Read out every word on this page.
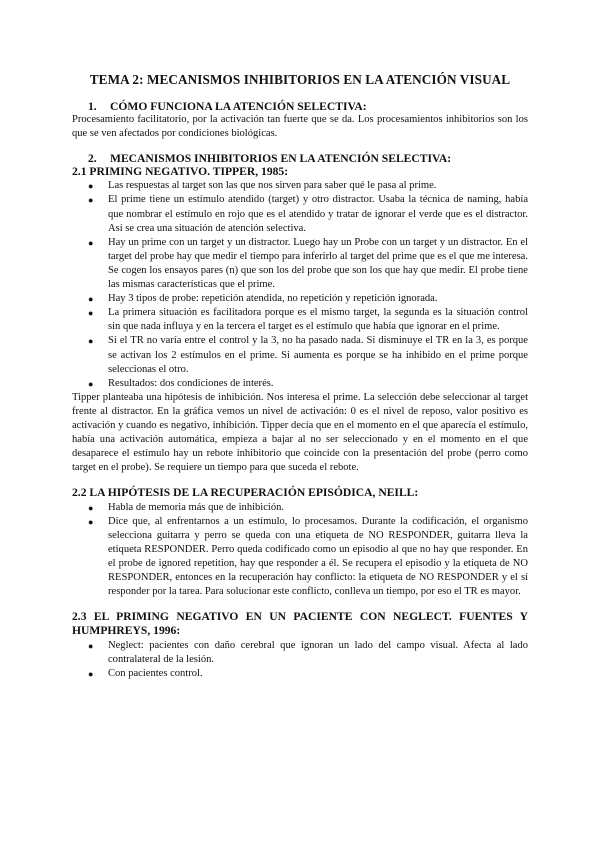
TEMA 2: MECANISMOS INHIBITORIOS EN LA ATENCIÓN VISUAL
1. CÓMO FUNCIONA LA ATENCIÓN SELECTIVA:

Procesamiento facilitatorio, por la activación tan fuerte que se da. Los procesamientos inhibitorios son los que se ven afectados por condiciones biológicas.

2. MECANISMOS INHIBITORIOS EN LA ATENCIÓN SELECTIVA:
2.1 PRIMING NEGATIVO. TIPPER, 1985:
● Las respuestas al target son las que nos sirven para saber qué le pasa al prime.
● El prime tiene un estímulo atendido (target) y otro distractor. Usaba la técnica de naming, había que nombrar el estímulo en rojo que es el atendido y tratar de ignorar el verde que es el distractor. Así se crea una situación de atención selectiva.
● Hay un prime con un target y un distractor. Luego hay un Probe con un target y un distractor. En el target del probe hay que medir el tiempo para inferirlo al target del prime que es el que me interesa. Se cogen los ensayos pares (n) que son los del probe que son los que hay que medir. El probe tiene las mismas características que el prime.
● Hay 3 tipos de probe: repetición atendida, no repetición y repetición ignorada.
● La primera situación es facilitadora porque es el mismo target, la segunda es la situación control sin que nada influya y en la tercera el target es el estímulo que había que ignorar en el prime.
● Si el TR no varía entre el control y la 3, no ha pasado nada. Si disminuye el TR en la 3, es porque se activan los 2 estímulos en el prime. Si aumenta es porque se ha inhibido en el prime porque seleccionas el otro.
● Resultados: dos condiciones de interés.

Tipper planteaba una hipótesis de inhibición. Nos interesa el prime. La selección debe seleccionar al target frente al distractor. En la gráfica vemos un nivel de activación: 0 es el nivel de reposo, valor positivo es activación y cuando es negativo, inhibición. Tipper decía que en el momento en el que aparecía el estímulo, había una activación automática, empieza a bajar al no ser seleccionado y en el momento en el que desaparece el estímulo hay un rebote inhibitorio que coincide con la presentación del probe (perro como target en el probe). Se requiere un tiempo para que suceda el rebote.

2.2 LA HIPÓTESIS DE LA RECUPERACIÓN EPISÓDICA, NEILL:
● Habla de memoria más que de inhibición.
● Dice que, al enfrentarnos a un estímulo, lo procesamos. Durante la codificación, el organismo selecciona guitarra y perro se queda con una etiqueta de NO RESPONDER, guitarra lleva la etiqueta RESPONDER. Perro queda codificado como un episodio al que no hay que responder. En el probe de ignored repetition, hay que responder a él. Se recupera el episodio y la etiqueta de NO RESPONDER, entonces en la recuperación hay conflicto: la etiqueta de NO RESPONDER y el sí responder por la tarea. Para solucionar este conflicto, conlleva un tiempo, por eso el TR es mayor.
2.3 EL PRIMING NEGATIVO EN UN PACIENTE CON NEGLECT. FUENTES Y
HUMPHREYS, 1996:
● Neglect: pacientes con daño cerebral que ignoran un lado del campo visual. Afecta al lado contralateral de la lesión.
● Con pacientes control.
